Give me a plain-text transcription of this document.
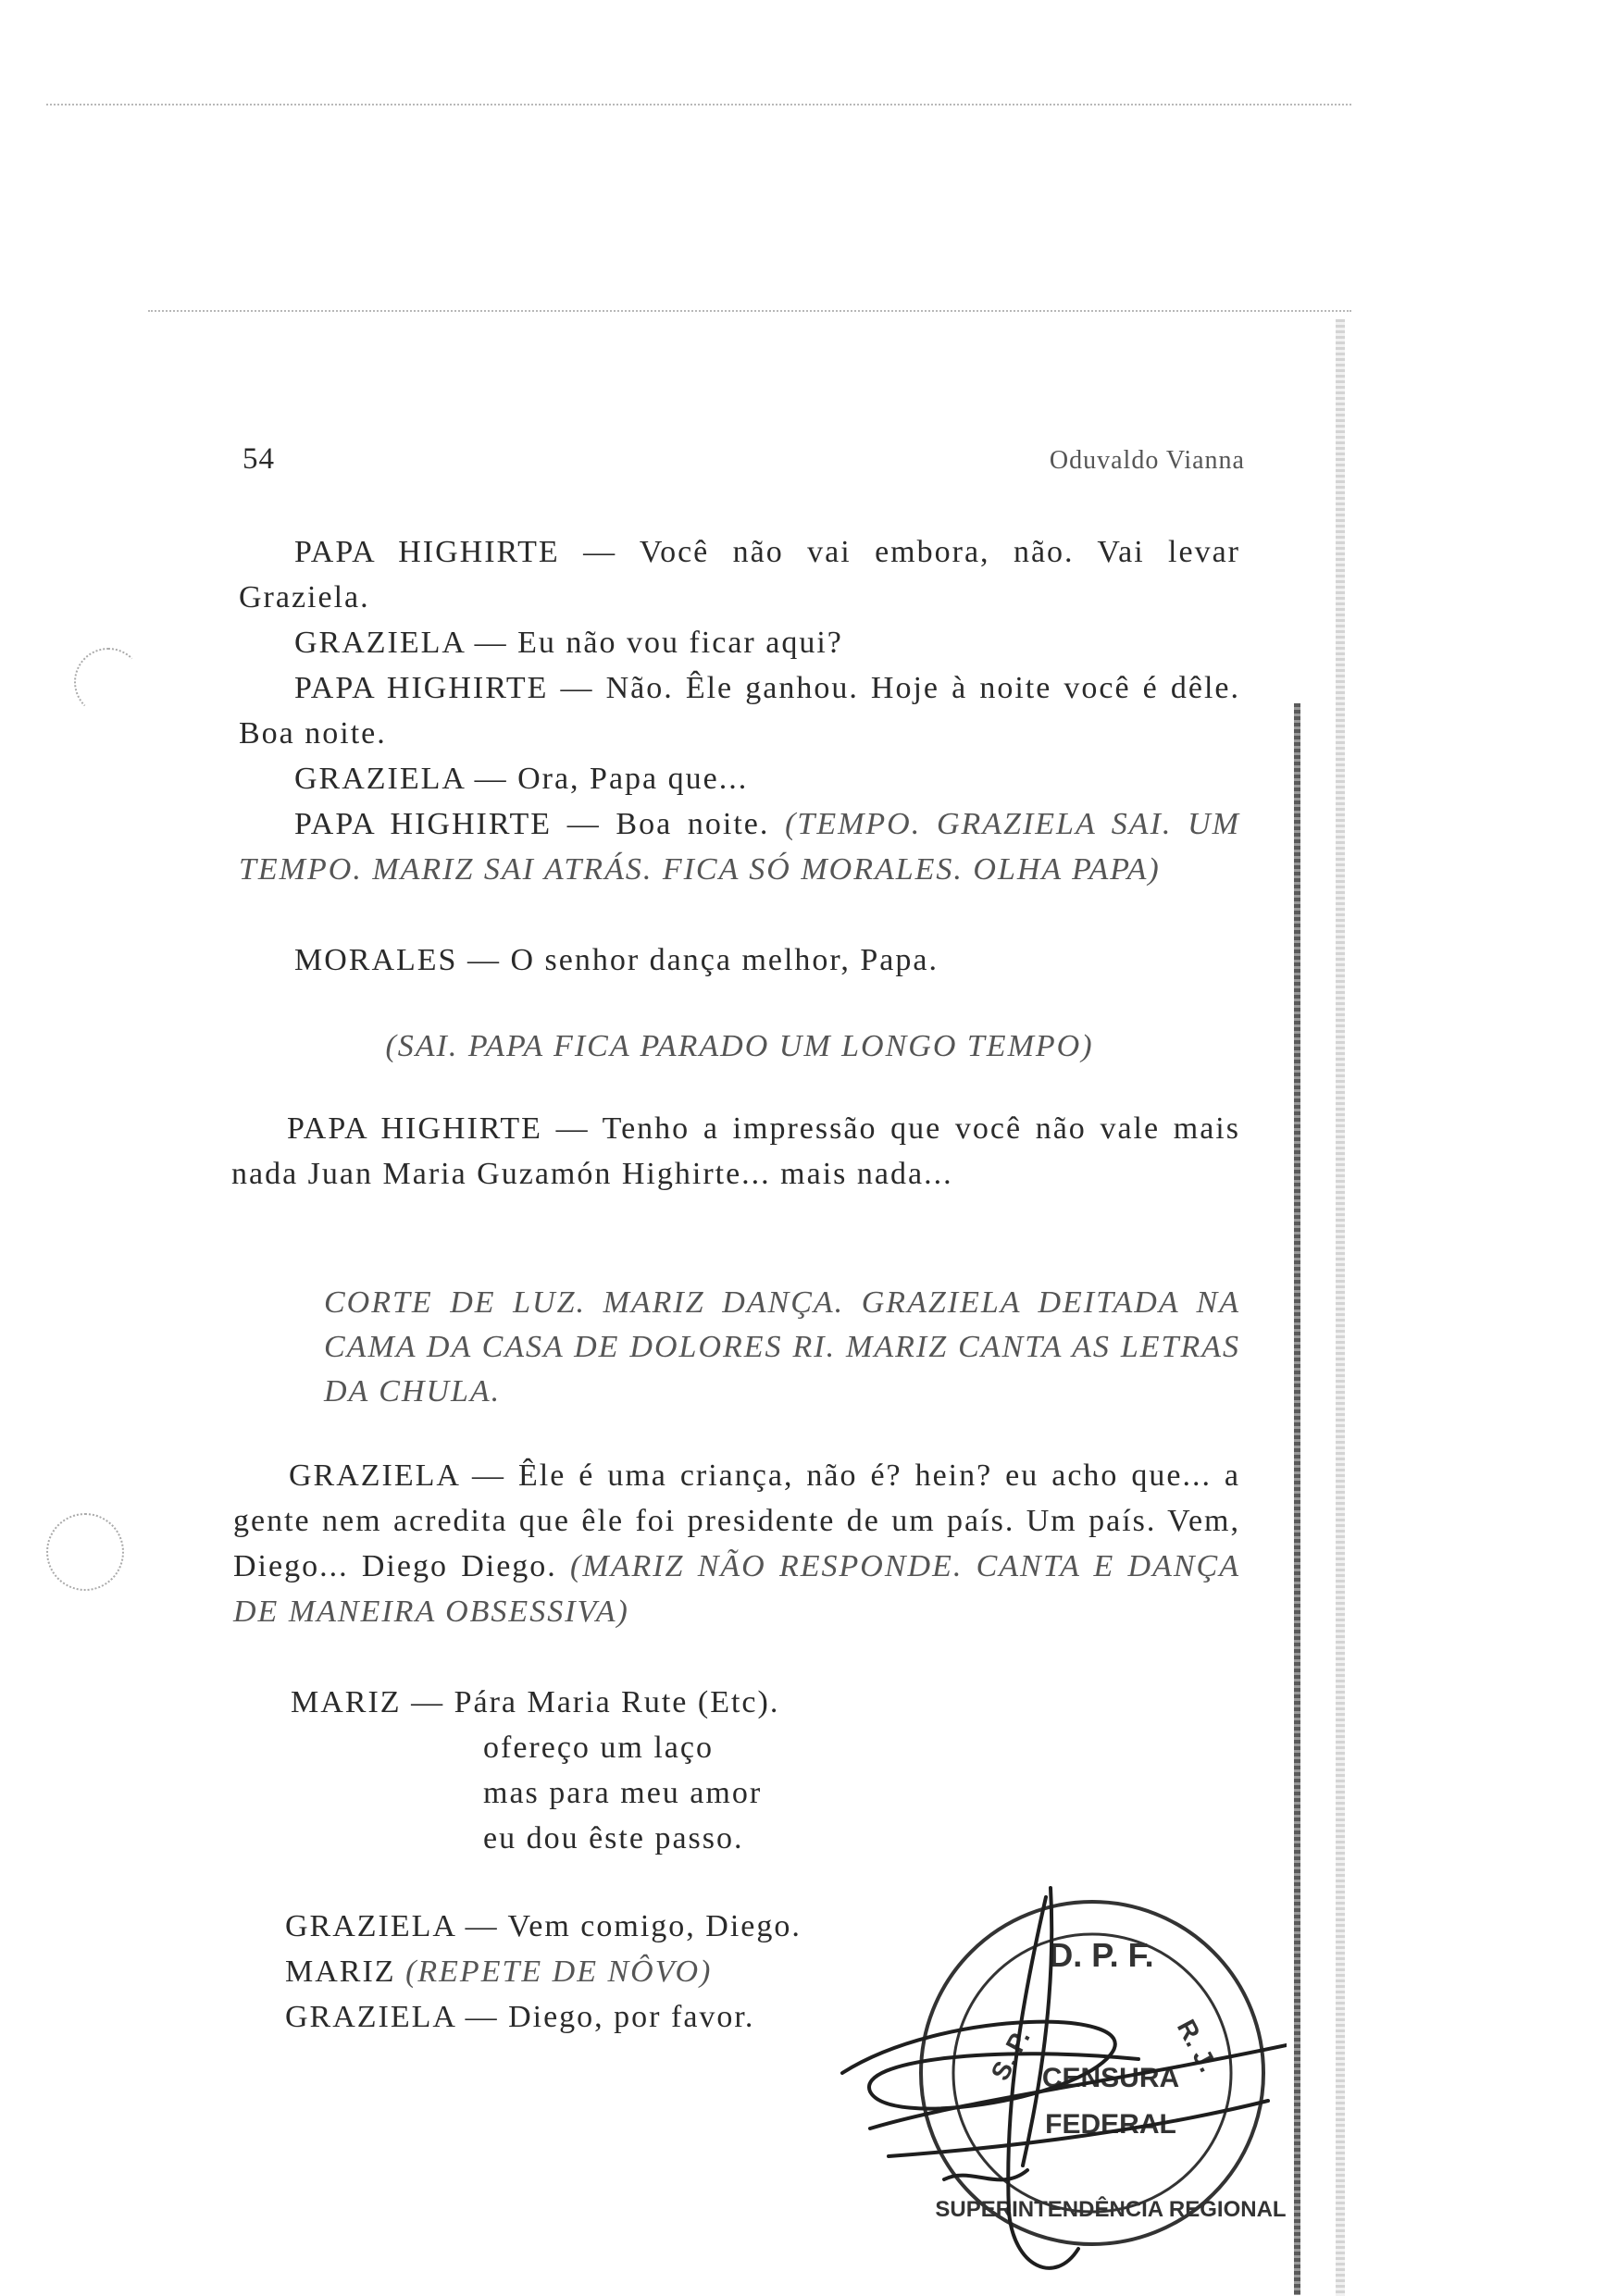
54	Oduvaldo Vianna

PAPA HIGHIRTE — Você não vai embora, não. Vai levar Graziela.

GRAZIELA — Eu não vou ficar aqui?

PAPA HIGHIRTE — Não. Êle ganhou. Hoje à noite você é dêle. Boa noite.

GRAZIELA — Ora, Papa que...

PAPA HIGHIRTE — Boa noite. (TEMPO. GRAZIELA SAI. UM TEMPO. MARIZ SAI ATRÁS. FICA SÓ MORALES. OLHA PAPA)

MORALES — O senhor dança melhor, Papa.

(SAI. PAPA FICA PARADO UM LONGO TEMPO)

PAPA HIGHIRTE — Tenho a impressão que você não vale mais nada Juan Maria Guzamón Highirte... mais nada...

CORTE DE LUZ. MARIZ DANÇA. GRAZIELA DEITADA NA CAMA DA CASA DE DOLORES RI. MARIZ CANTA AS LETRAS DA CHULA.

GRAZIELA — Êle é uma criança, não é? hein? eu acho que... a gente nem acredita que êle foi presidente de um país. Um país. Vem, Diego... Diego Diego. (MARIZ NÃO RESPONDE. CANTA E DANÇA DE MANEIRA OBSESSIVA)

MARIZ — Pára Maria Rute (Etc).
ofereço um laço
mas para meu amor
eu dou êste passo.

GRAZIELA — Vem comigo, Diego.

MARIZ (REPETE DE NÔVO)

GRAZIELA — Diego, por favor.

D. P. F.
S. P.	R. J.
CENSURA
FEDERAL
SUPERINTENDÊNCIA REGIONAL
